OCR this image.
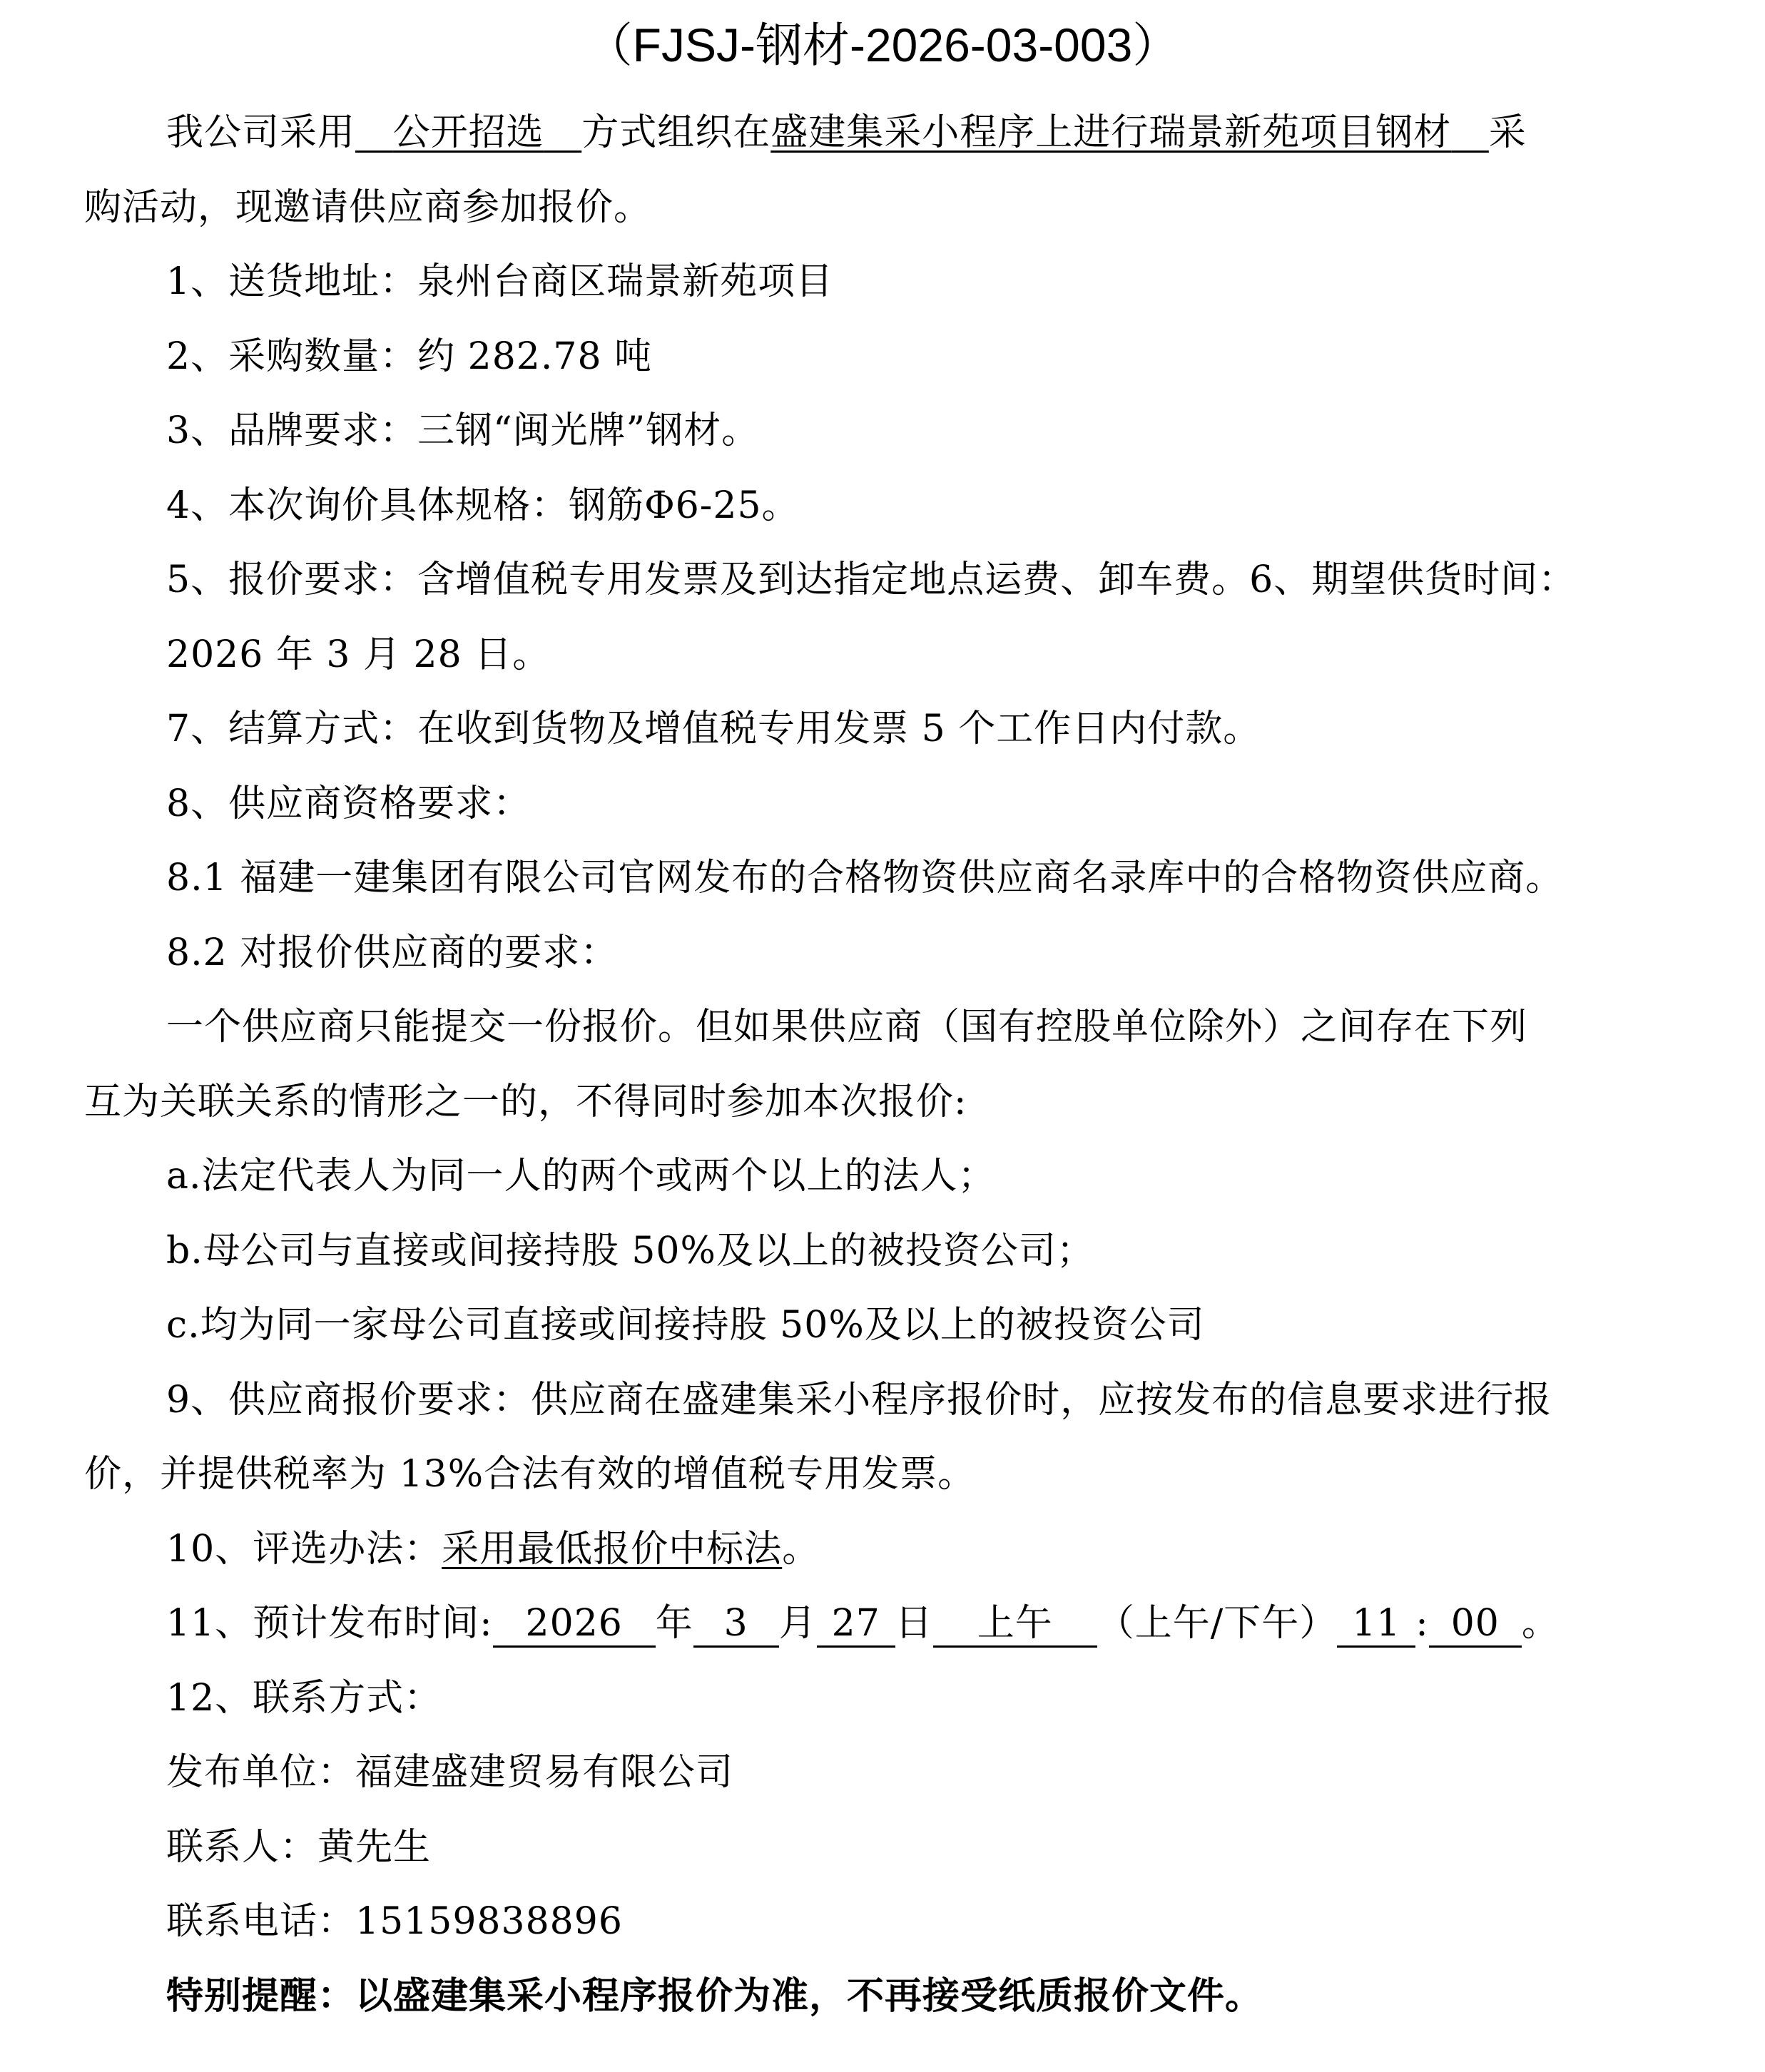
（FJSJ-钢材-2026-03-003）
我公司采用 公开招选 方式组织在盛建集采小程序上进行瑞景新苑项目钢材 采
购活动，现邀请供应商参加报价。
1、送货地址：泉州台商区瑞景新苑项目
2、采购数量：约 282.78 吨
3、品牌要求：三钢“闽光牌”钢材。
4、本次询价具体规格：钢筋Φ6-25。
5、报价要求：含增值税专用发票及到达指定地点运费、卸车费。6、期望供货时间：
2026 年 3 月 28 日。
7、结算方式：在收到货物及增值税专用发票 5 个工作日内付款。
8、供应商资格要求：
8.1 福建一建集团有限公司官网发布的合格物资供应商名录库中的合格物资供应商。
8.2 对报价供应商的要求：
一个供应商只能提交一份报价。但如果供应商（国有控股单位除外）之间存在下列
互为关联关系的情形之一的，不得同时参加本次报价:
a.法定代表人为同一人的两个或两个以上的法人；
b.母公司与直接或间接持股 50%及以上的被投资公司；
c.均为同一家母公司直接或间接持股 50%及以上的被投资公司
9、供应商报价要求：供应商在盛建集采小程序报价时，应按发布的信息要求进行报
价，并提供税率为 13%合法有效的增值税专用发票。
10、评选办法：采用最低报价中标法。
11、预计发布时间: 2026 年 3 月 27 日 上午 （上午/下午） 11 : 00 。
12、联系方式：
发布单位：福建盛建贸易有限公司
联系人：黄先生
联系电话：15159838896
特别提醒：以盛建集采小程序报价为准，不再接受纸质报价文件。
